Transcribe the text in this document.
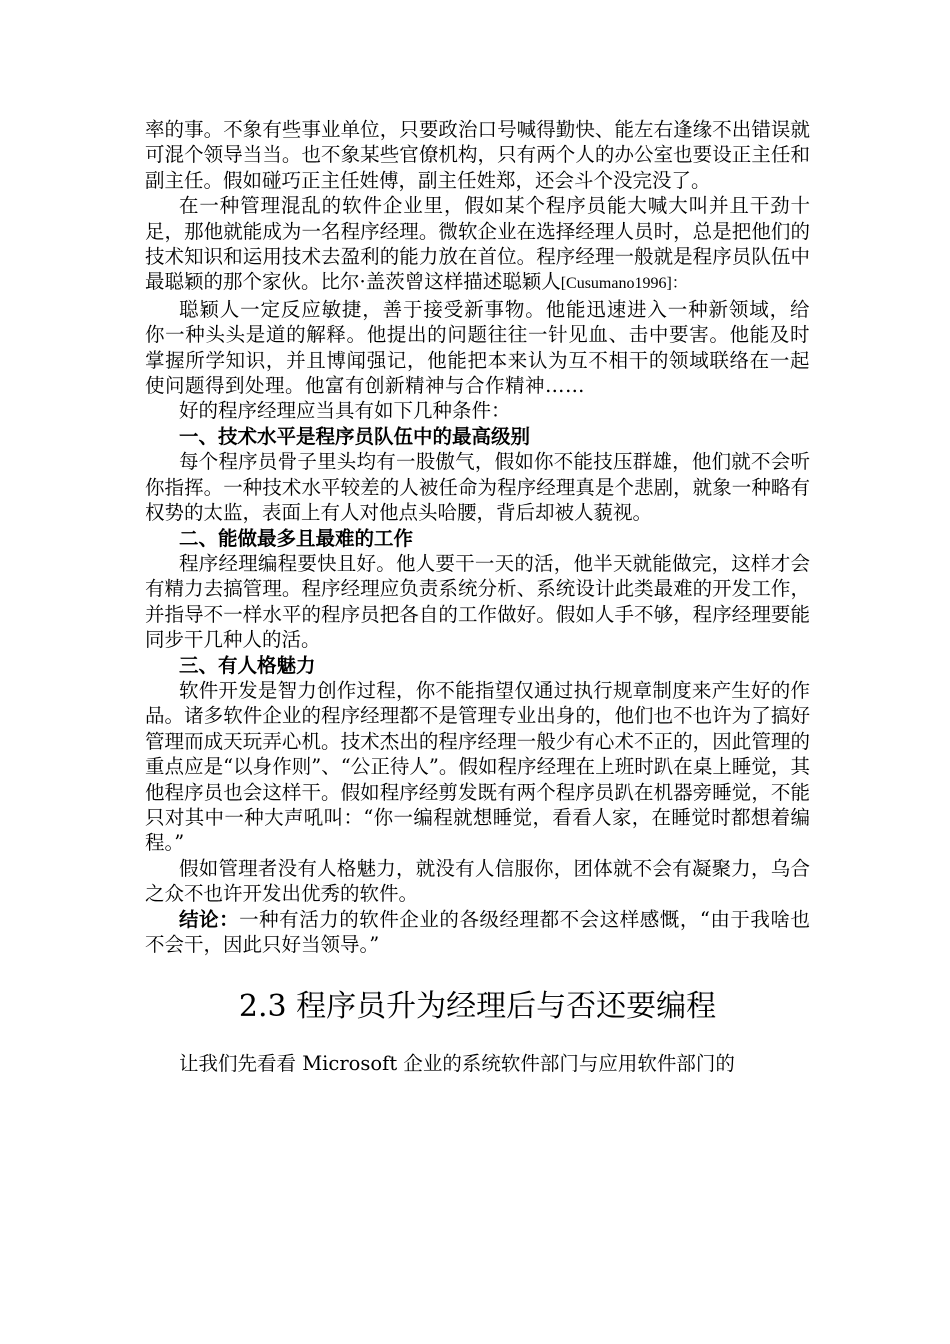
率的事。不象有些事业单位，只要政治口号喊得勤快、能左右逢缘不出错误就可混个领导当当。也不象某些官僚机构，只有两个人的办公室也要设正主任和副主任。假如碰巧正主任姓傅，副主任姓郑，还会斗个没完没了。

在一种管理混乱的软件企业里，假如某个程序员能大喊大叫并且干劲十足，那他就能成为一名程序经理。微软企业在选择经理人员时，总是把他们的技术知识和运用技术去盈利的能力放在首位。程序经理一般就是程序员队伍中最聪颖的那个家伙。比尔·盖茨曾这样描述聪颖人[Cusumano1996]：

聪颖人一定反应敏捷，善于接受新事物。他能迅速进入一种新领域，给你一种头头是道的解释。他提出的问题往往一针见血、击中要害。他能及时掌握所学知识，并且博闻强记，他能把本来认为互不相干的领域联络在一起使问题得到处理。他富有创新精神与合作精神……

好的程序经理应当具有如下几种条件：

一、技术水平是程序员队伍中的最高级别

每个程序员骨子里头均有一股傲气，假如你不能技压群雄，他们就不会听你指挥。一种技术水平较差的人被任命为程序经理真是个悲剧，就象一种略有权势的太监，表面上有人对他点头哈腰，背后却被人藐视。

二、能做最多且最难的工作

程序经理编程要快且好。他人要干一天的活，他半天就能做完，这样才会有精力去搞管理。程序经理应负责系统分析、系统设计此类最难的开发工作，并指导不一样水平的程序员把各自的工作做好。假如人手不够，程序经理要能同步干几种人的活。

三、有人格魅力

软件开发是智力创作过程，你不能指望仅通过执行规章制度来产生好的作品。诸多软件企业的程序经理都不是管理专业出身的，他们也不也许为了搞好管理而成天玩弄心机。技术杰出的程序经理一般少有心术不正的，因此管理的重点应是“以身作则”、“公正待人”。假如程序经理在上班时趴在桌上睡觉，其他程序员也会这样干。假如程序经剪发既有两个程序员趴在机器旁睡觉，不能只对其中一种大声吼叫：“你一编程就想睡觉，看看人家，在睡觉时都想着编程。”

假如管理者没有人格魅力，就没有人信服你，团体就不会有凝聚力，乌合之众不也许开发出优秀的软件。

结论：一种有活力的软件企业的各级经理都不会这样感慨，“由于我啥也不会干，因此只好当领导。”

2.3 程序员升为经理后与否还要编程

让我们先看看 Microsoft 企业的系统软件部门与应用软件部门的
